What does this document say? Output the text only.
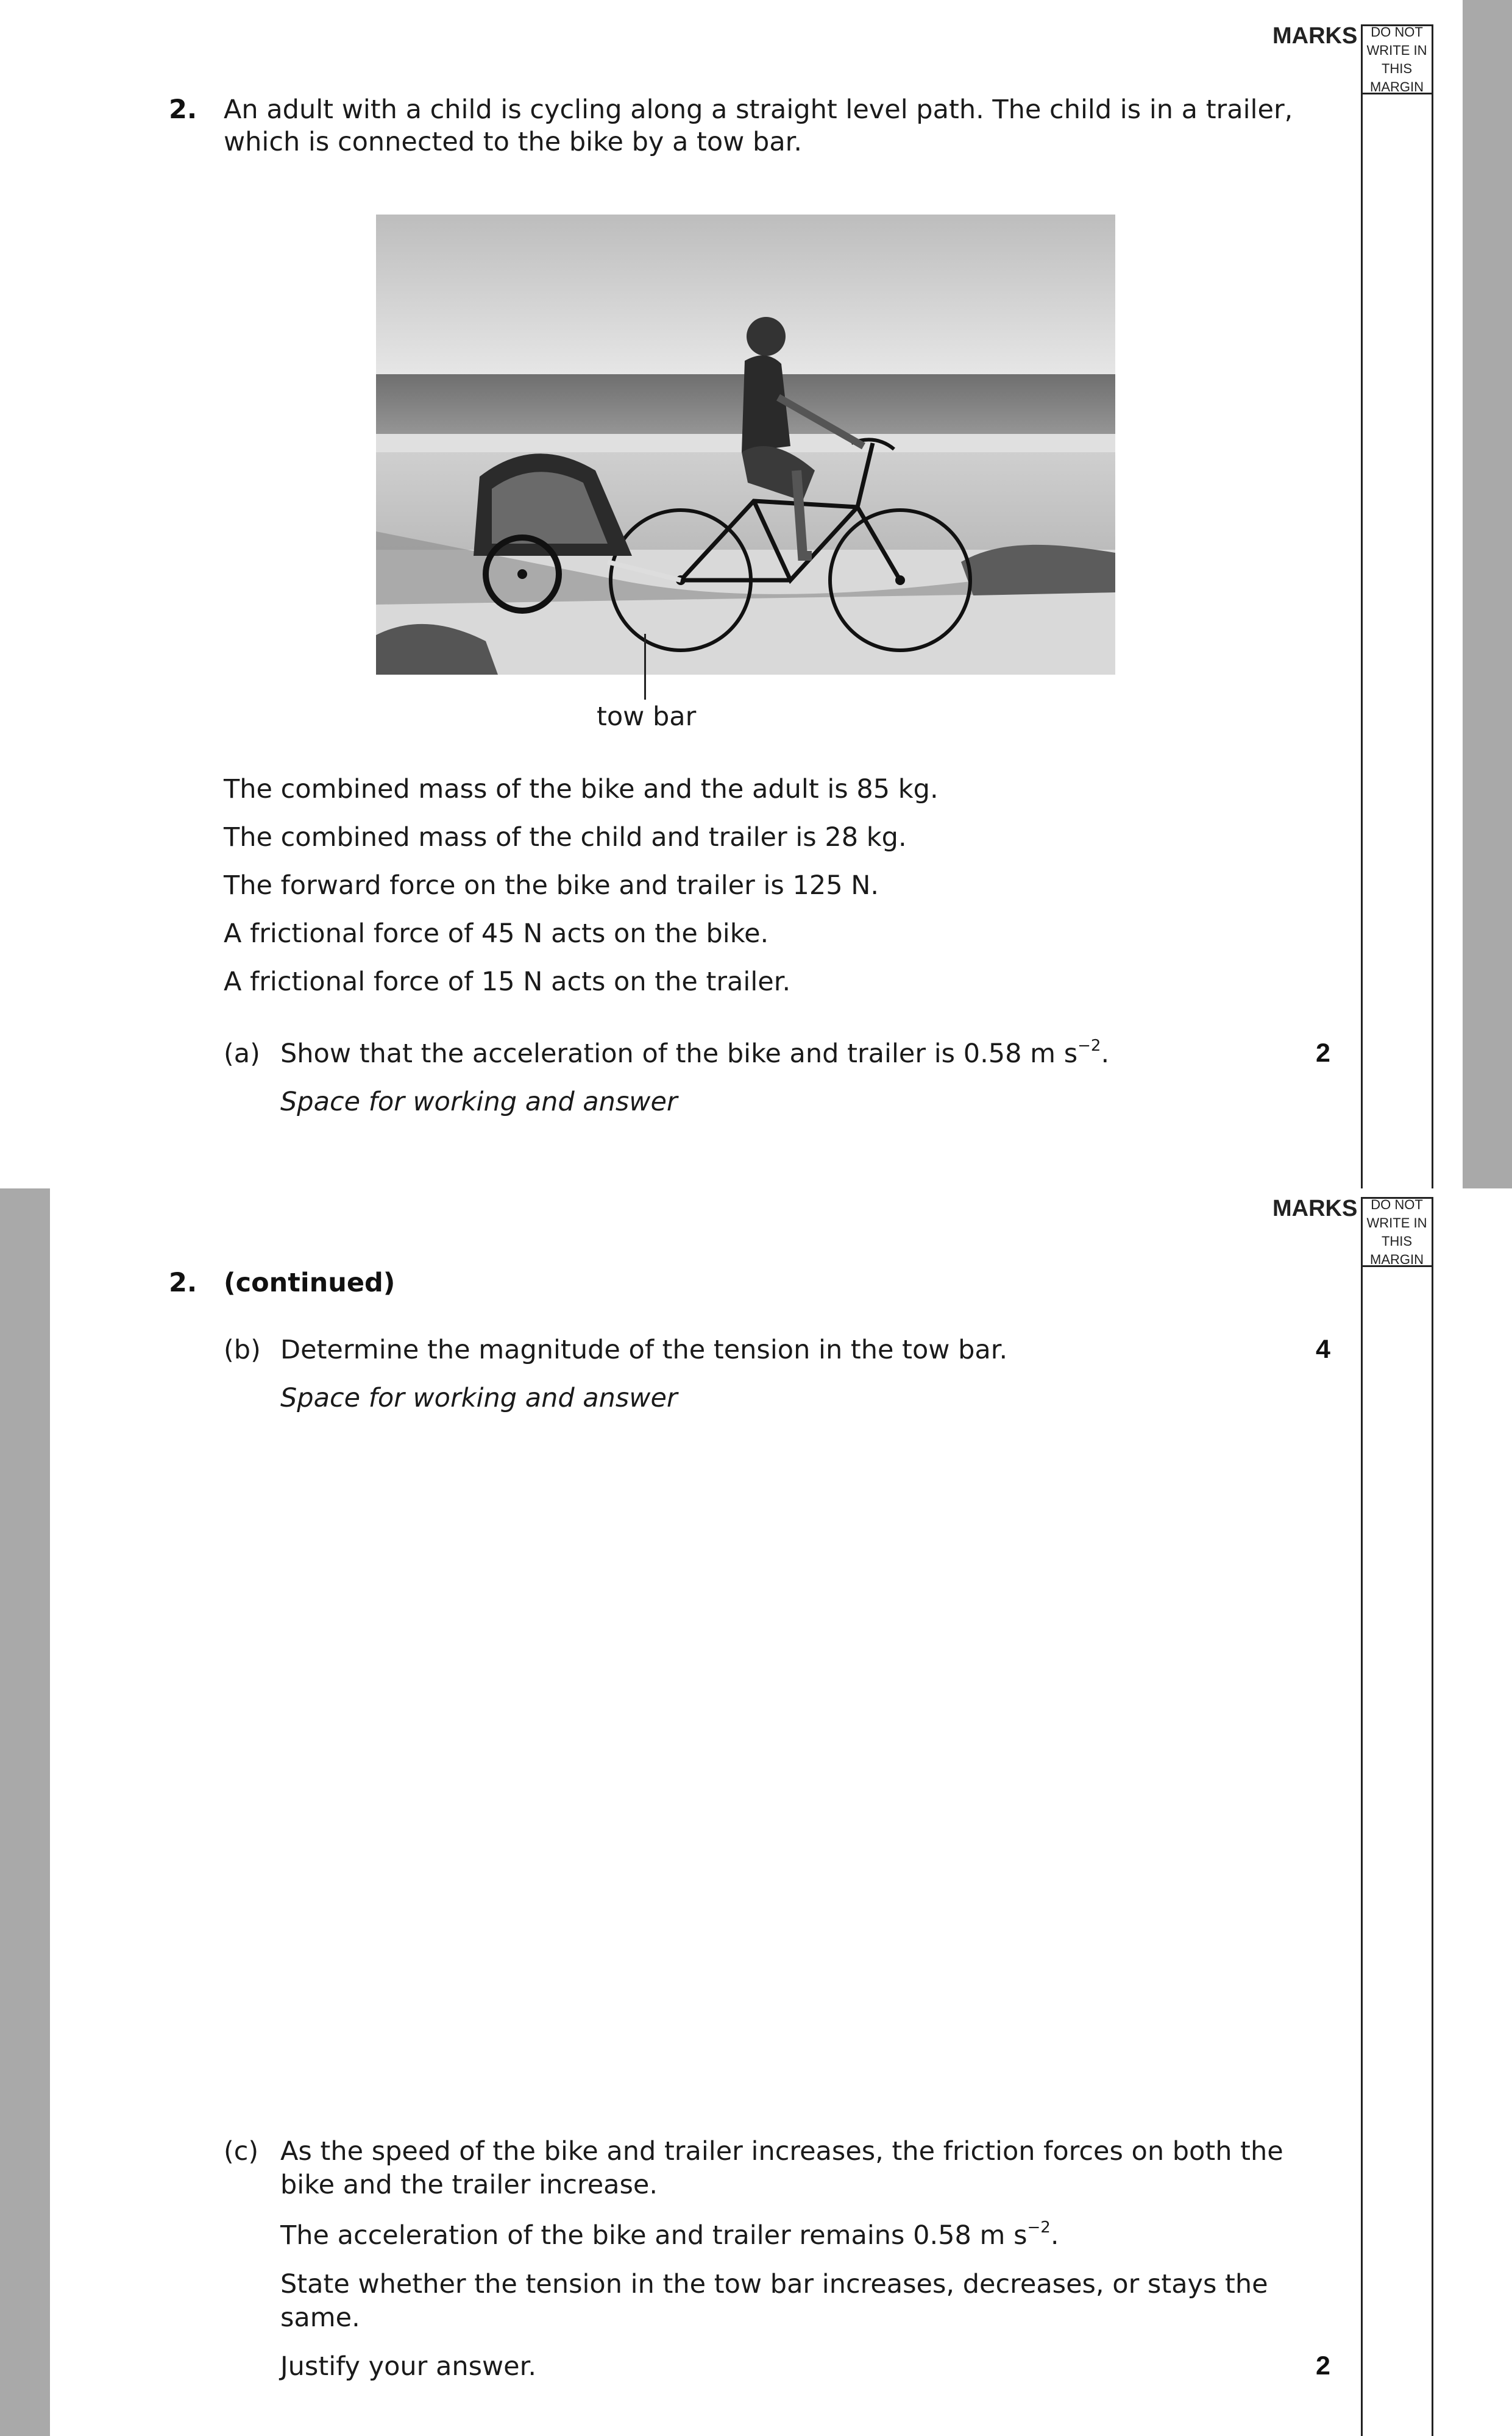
MARKS DO NOT
WRITE IN
THIS
MARGIN
2. An adult with a child is cycling along a straight level path. The child is in a trailer,
which is connected to the bike by a tow bar.
tow bar
The combined mass of the bike and the adult is 85 kg.
The combined mass of the child and trailer is 28 kg.
The forward force on the bike and trailer is 125 N.
A frictional force of 45 N acts on the bike.
A frictional force of 15 N acts on the trailer.
(a) Show that the acceleration of the bike and trailer is 0.58 m $s^{-2}$.	2
Space for working and answer
MARKS DO NOT
WRITE IN
THIS
MARGIN
2. (continued)
(b) Determine the magnitude of the tension in the tow bar.	4
Space for working and answer
(c) As the speed of the bike and trailer increases, the friction forces on both the
bike and the trailer increase.
The acceleration of the bike and trailer remains 0.58 m $s^{-2}$.
State whether the tension in the tow bar increases, decreases, or stays the
same.
Justify your answer.	2
